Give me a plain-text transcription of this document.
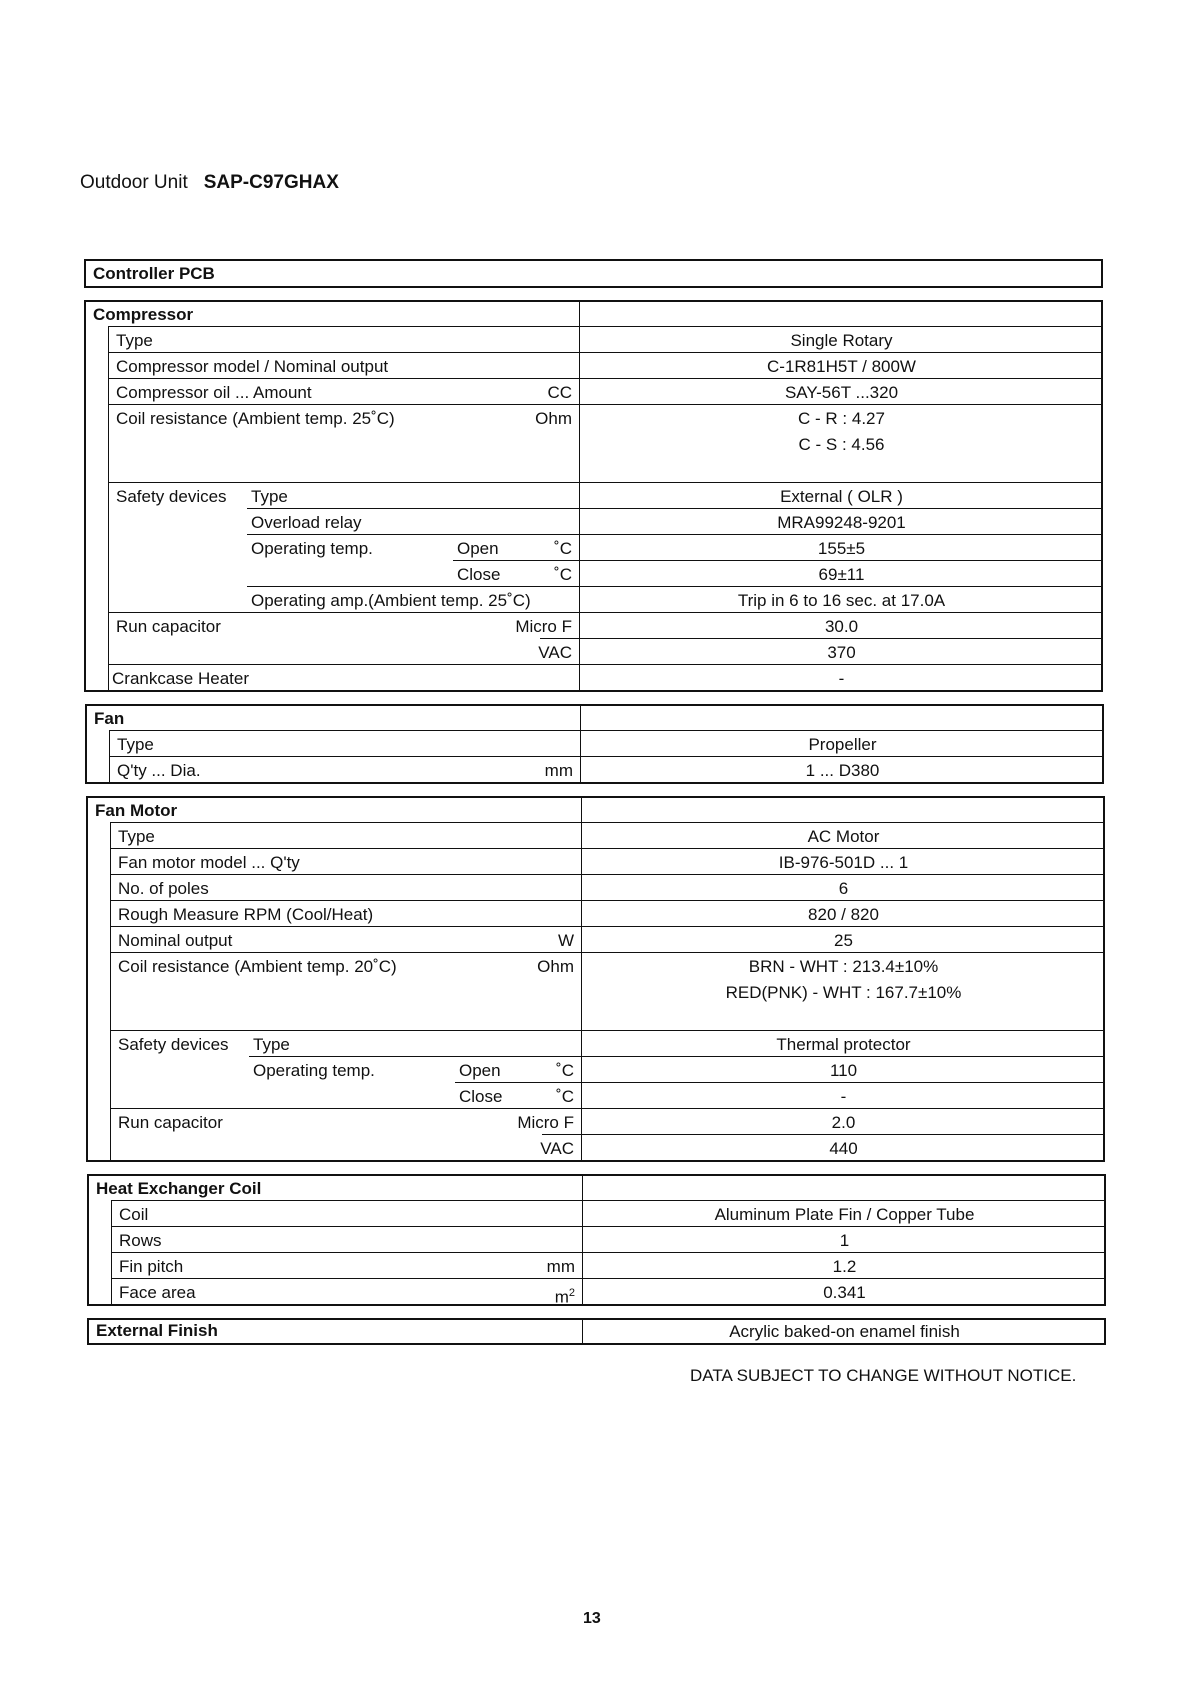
Outdoor Unit SAP-C97GHAX
Controller PCB
Compressor
Type	Single Rotary
Compressor model / Nominal output	C-1R81H5T / 800W
Compressor oil ... Amount	CC	SAY-56T ...320
Coil resistance (Ambient temp. 25˚C)	Ohm	C - R : 4.27
C - S : 4.56
Safety devices Type	External ( OLR )
Overload relay	MRA99248-9201
Operating temp.	Open	˚C	155±5
Close	˚C	69±11
Operating amp.(Ambient temp. 25˚C)	Trip in 6 to 16 sec. at 17.0A
Run capacitor	Micro F	30.0
VAC	370
Crankcase Heater	-
Fan
Type	Propeller
Q'ty ... Dia.	mm	1 ... D380
Fan Motor
Type	AC Motor
Fan motor model ... Q'ty	IB-976-501D ... 1
No. of poles	6
Rough Measure RPM (Cool/Heat)	820 / 820
Nominal output	W	25
Coil resistance (Ambient temp. 20˚C)	Ohm	BRN - WHT : 213.4±10%
RED(PNK) - WHT : 167.7±10%
Safety devices Type	Thermal protector
Operating temp.	Open	˚C	110
Close	˚C	-
Run capacitor	Micro F	2.0
VAC	440
Heat Exchanger Coil
Coil	Aluminum Plate Fin / Copper Tube
Rows	1
Fin pitch	mm	1.2
Face area	$m^2$	0.341
External Finish	Acrylic baked-on enamel finish
DATA SUBJECT TO CHANGE WITHOUT NOTICE.
13
